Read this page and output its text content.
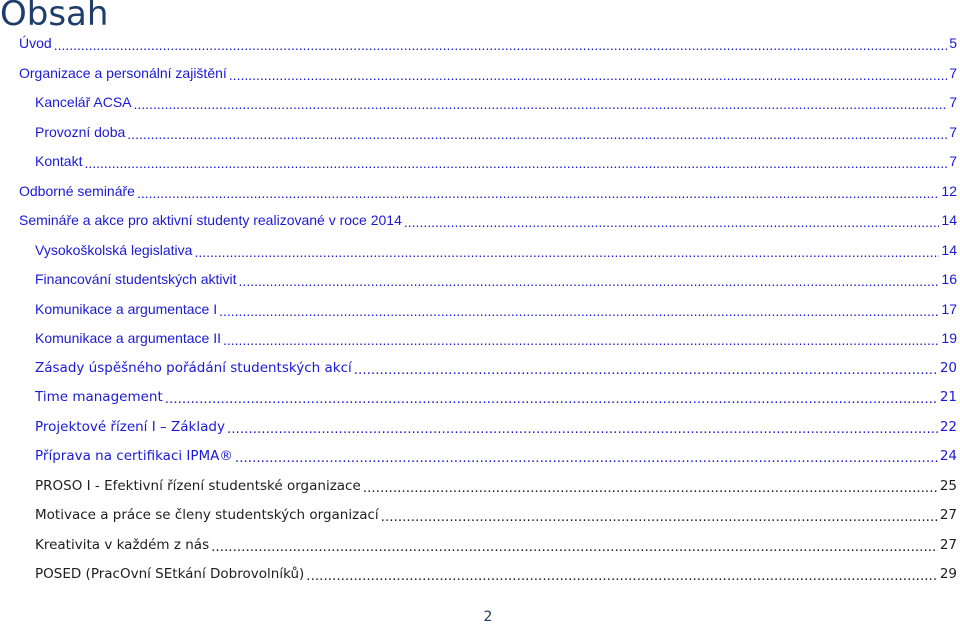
Obsah
Úvod .....	5
Organizace a personální zajištění .....	7
Kancelář ACSA .....	7
Provozní doba .....	7
Kontakt .....	7
Odborné semináře .....	12
Semináře a akce pro aktivní studenty realizované v roce 2014 .....	14
Vysokoškolská legislativa .....	14
Financování studentských aktivit .....	16
Komunikace a argumentace I .....	17
Komunikace a argumentace II .....	19
Zásady úspěšného pořádání studentských akcí .....	20
Time management .....	21
Projektové řízení I – Základy .....	22
Příprava na certifikaci IPMA® .....	24
PROSO I - Efektivní řízení studentské organizace .....	25
Motivace a práce se členy studentských organizací .....	27
Kreativita v každém z nás .....	27
POSED (PracOvní SEtkání Dobrovolníků) .....	29
2
